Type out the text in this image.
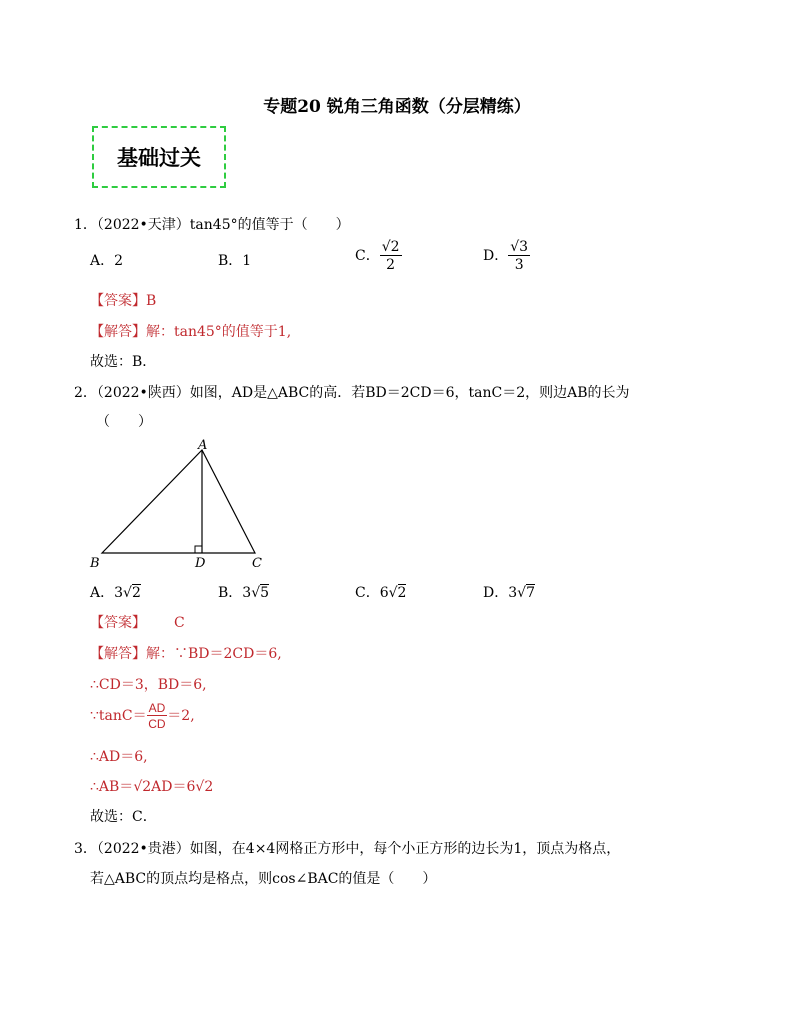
专题20 锐角三角函数（分层精练）
基础过关
1．（2022•天津）tan45°的值等于（　　）
A．2	B．1	C． $\frac{√2}{2}$	D． $\frac{√3}{3}$
【答案】B
【解答】解：tan45°的值等于1,
故选：B．
2．（2022•陕西）如图，AD是△ABC的高．若BD＝2CD＝6，tanC＝2，则边AB的长为
（　　）
A
B	D	C
A．3√2	B．3√5	C．6√2	D．3√7
【答案】 C
【解答】解：∵BD＝2CD＝6,
∴CD＝3，BD＝6,
∵tanC＝ $\frac{AD}{CD} =2$,
∴AD＝6,
∴AB＝√2AD＝6√2
故选：C．
3．（2022•贵港）如图，在4×4网格正方形中，每个小正方形的边长为1，顶点为格点，
若△ABC的顶点均是格点，则cos∠BAC的值是（　　）
